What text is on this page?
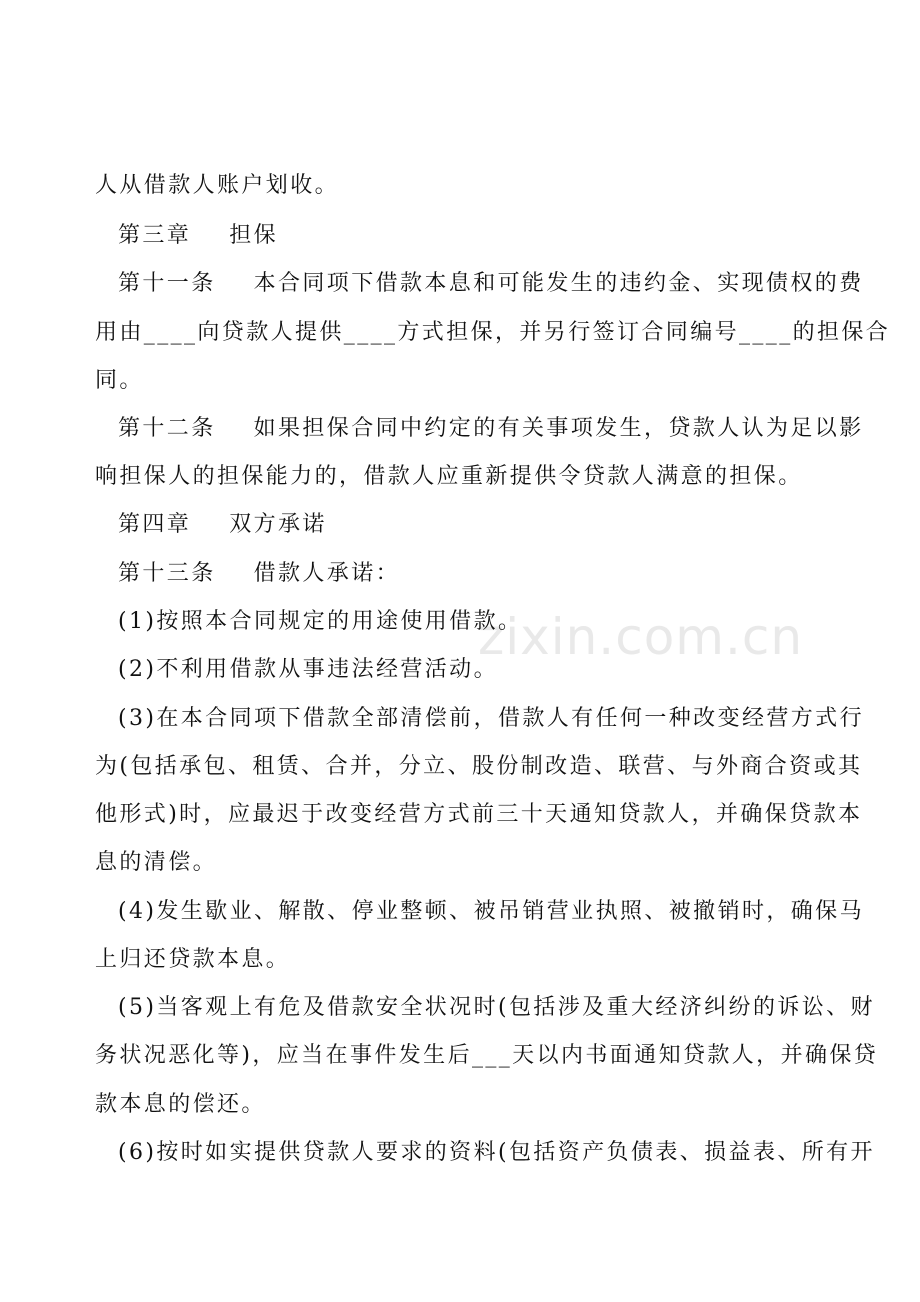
zixin.com.cn
人从借款人账户划收。
第三章 担保
第十一条 本合同项下借款本息和可能发生的违约金、实现债权的费
用由____向贷款人提供____方式担保，并另行签订合同编号____的担保合
同。
第十二条 如果担保合同中约定的有关事项发生，贷款人认为足以影
响担保人的担保能力的，借款人应重新提供令贷款人满意的担保。
第四章 双方承诺
第十三条 借款人承诺：
(1)按照本合同规定的用途使用借款。
(2)不利用借款从事违法经营活动。
(3)在本合同项下借款全部清偿前，借款人有任何一种改变经营方式行
为(包括承包、租赁、合并，分立、股份制改造、联营、与外商合资或其
他形式)时，应最迟于改变经营方式前三十天通知贷款人，并确保贷款本
息的清偿。
(4)发生歇业、解散、停业整顿、被吊销营业执照、被撤销时，确保马
上归还贷款本息。
(5)当客观上有危及借款安全状况时(包括涉及重大经济纠纷的诉讼、财
务状况恶化等)，应当在事件发生后___天以内书面通知贷款人，并确保贷
款本息的偿还。
(6)按时如实提供贷款人要求的资料(包括资产负债表、损益表、所有开
